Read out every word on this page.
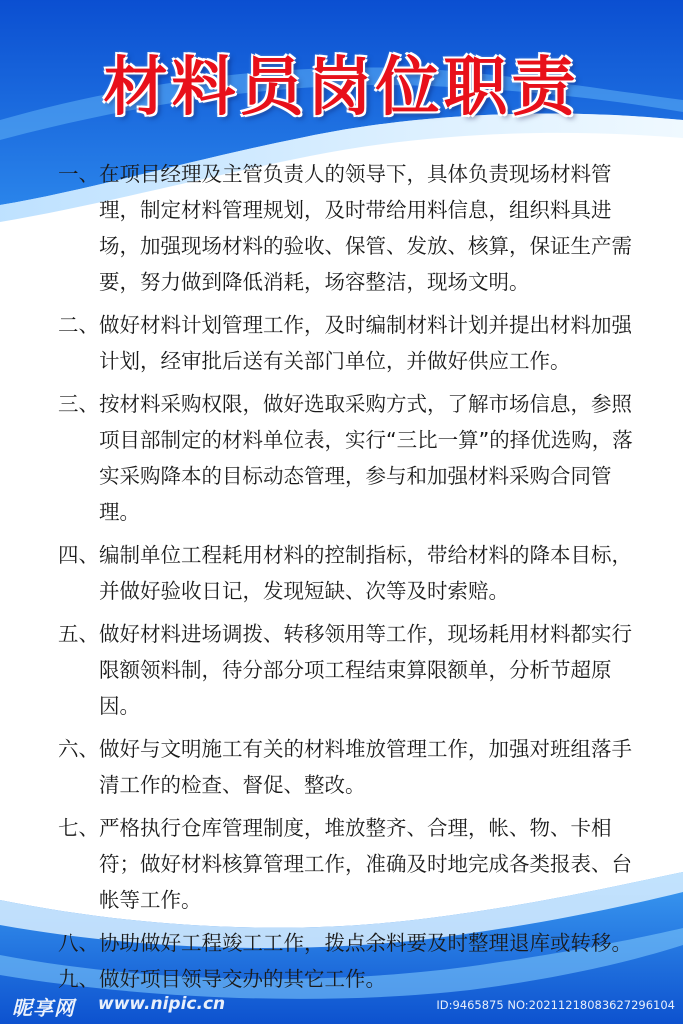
材料员岗位职责
一、 在项目经理及主管负责人的领导下，具体负责现场材料管理，制定材料管理规划，及时带给用料信息，组织料具进场，加强现场材料的验收、保管、发放、核算，保证生产需要，努力做到降低消耗，场容整洁，现场文明。
二、 做好材料计划管理工作，及时编制材料计划并提出材料加强计划，经审批后送有关部门单位，并做好供应工作。
三、 按材料采购权限，做好选取采购方式，了解市场信息，参照项目部制定的材料单位表，实行“三比一算”的择优选购，落实采购降本的目标动态管理，参与和加强材料采购合同管理。
四、 编制单位工程耗用材料的控制指标，带给材料的降本目标，并做好验收日记，发现短缺、次等及时索赔。
五、 做好材料进场调拨、转移领用等工作，现场耗用材料都实行限额领料制，待分部分项工程结束算限额单，分析节超原因。
六、 做好与文明施工有关的材料堆放管理工作，加强对班组落手清工作的检查、督促、整改。
七、 严格执行仓库管理制度，堆放整齐、合理，帐、物、卡相符；做好材料核算管理工作，准确及时地完成各类报表、台帐等工作。
八、 协助做好工程竣工工作，拨点余料要及时整理退库或转移。
九、 做好项目领导交办的其它工作。
昵享网 www.nipic.cn	ID:9465875 NO:20211218083627296104
